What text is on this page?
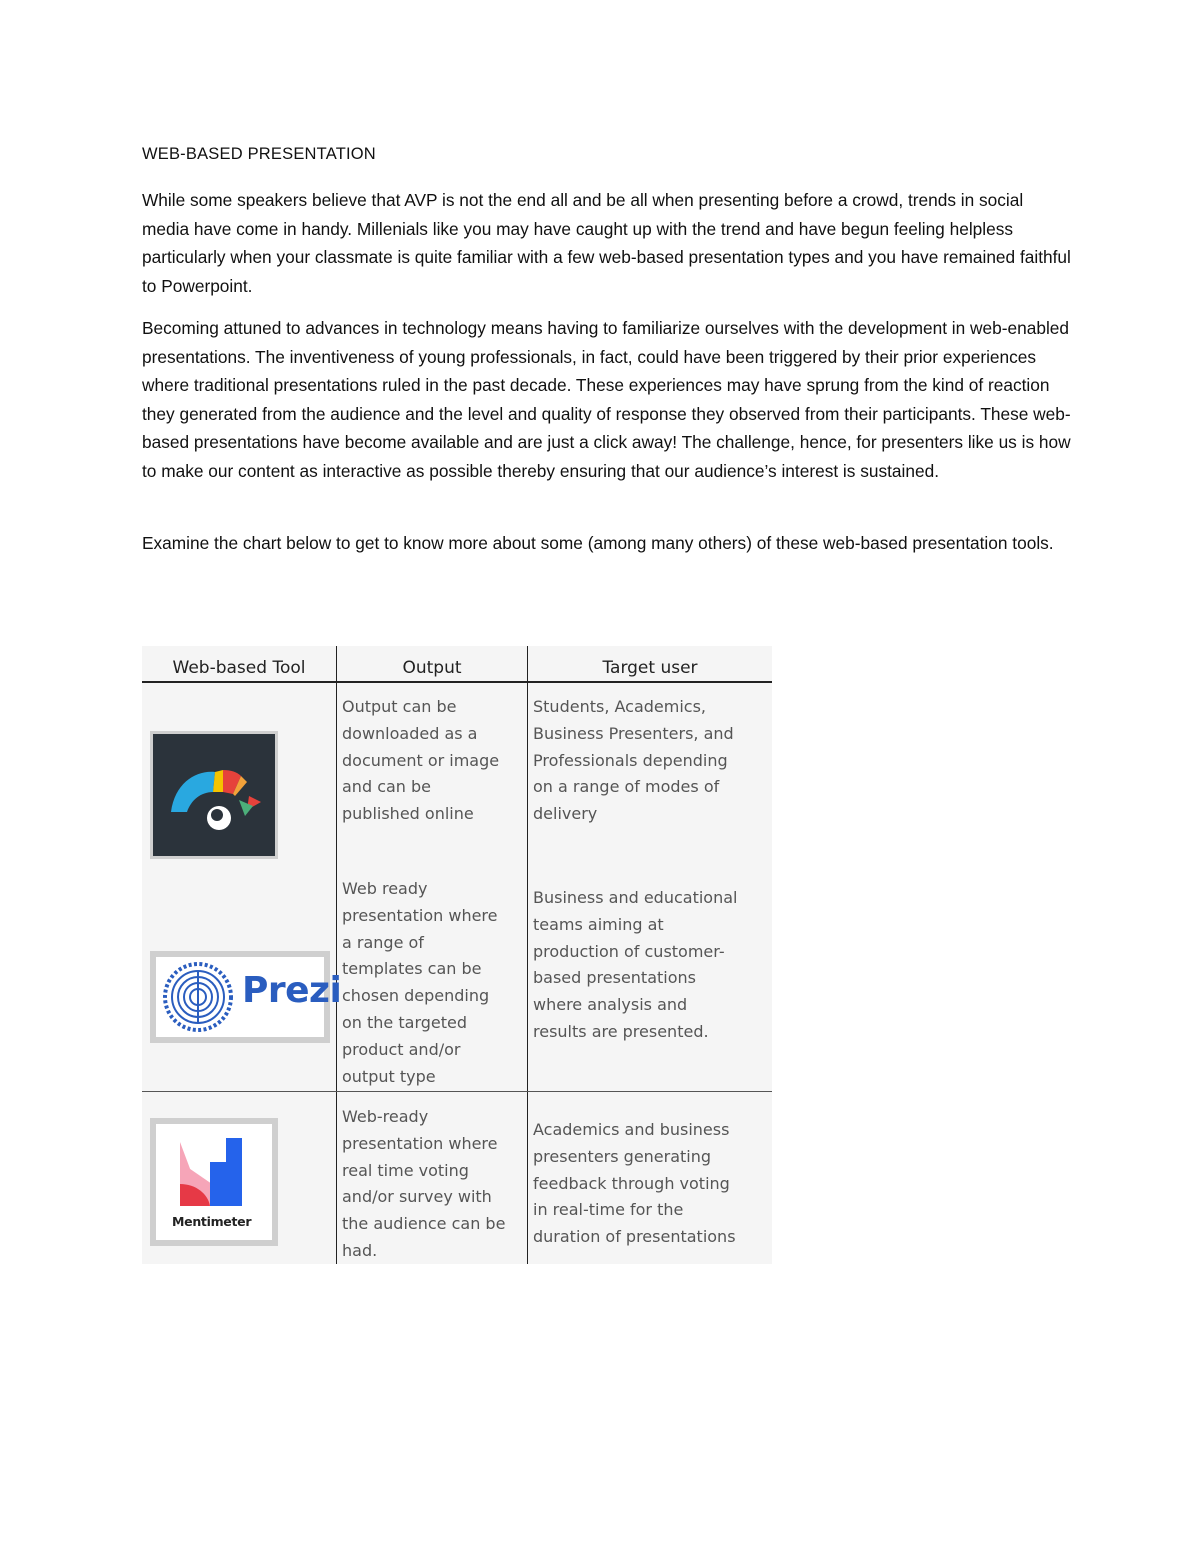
WEB-BASED PRESENTATION

While some speakers believe that AVP is not the end all and be all when presenting before a crowd, trends in social media have come in handy. Millenials like you may have caught up with the trend and have begun feeling helpless particularly when your classmate is quite familiar with a few web-based presentation types and you have remained faithful to Powerpoint.

Becoming attuned to advances in technology means having to familiarize ourselves with the development in web-enabled presentations. The inventiveness of young professionals, in fact, could have been triggered by their prior experiences where traditional presentations ruled in the past decade. These experiences may have sprung from the kind of reaction they generated from the audience and the level and quality of response they observed from their participants. These web-based presentations have become available and are just a click away! The challenge, hence, for presenters like us is how to make our content as interactive as possible thereby ensuring that our audience’s interest is sustained.

Examine the chart below to get to know more about some (among many others) of these web-based presentation tools.

Web-based Tool	Output	Target user
Output can be
downloaded as a
document or image
and can be
published online
Students, Academics,
Business Presenters, and
Professionals depending
on a range of modes of
delivery
Prezi
Web ready
presentation where
a range of
templates can be
chosen depending
on the targeted
product and/or
output type
Business and educational
teams aiming at
production of customer-
based presentations
where analysis and
results are presented.
Mentimeter
Web-ready
presentation where
real time voting
and/or survey with
the audience can be
had.
Academics and business
presenters generating
feedback through voting
in real-time for the
duration of presentations
